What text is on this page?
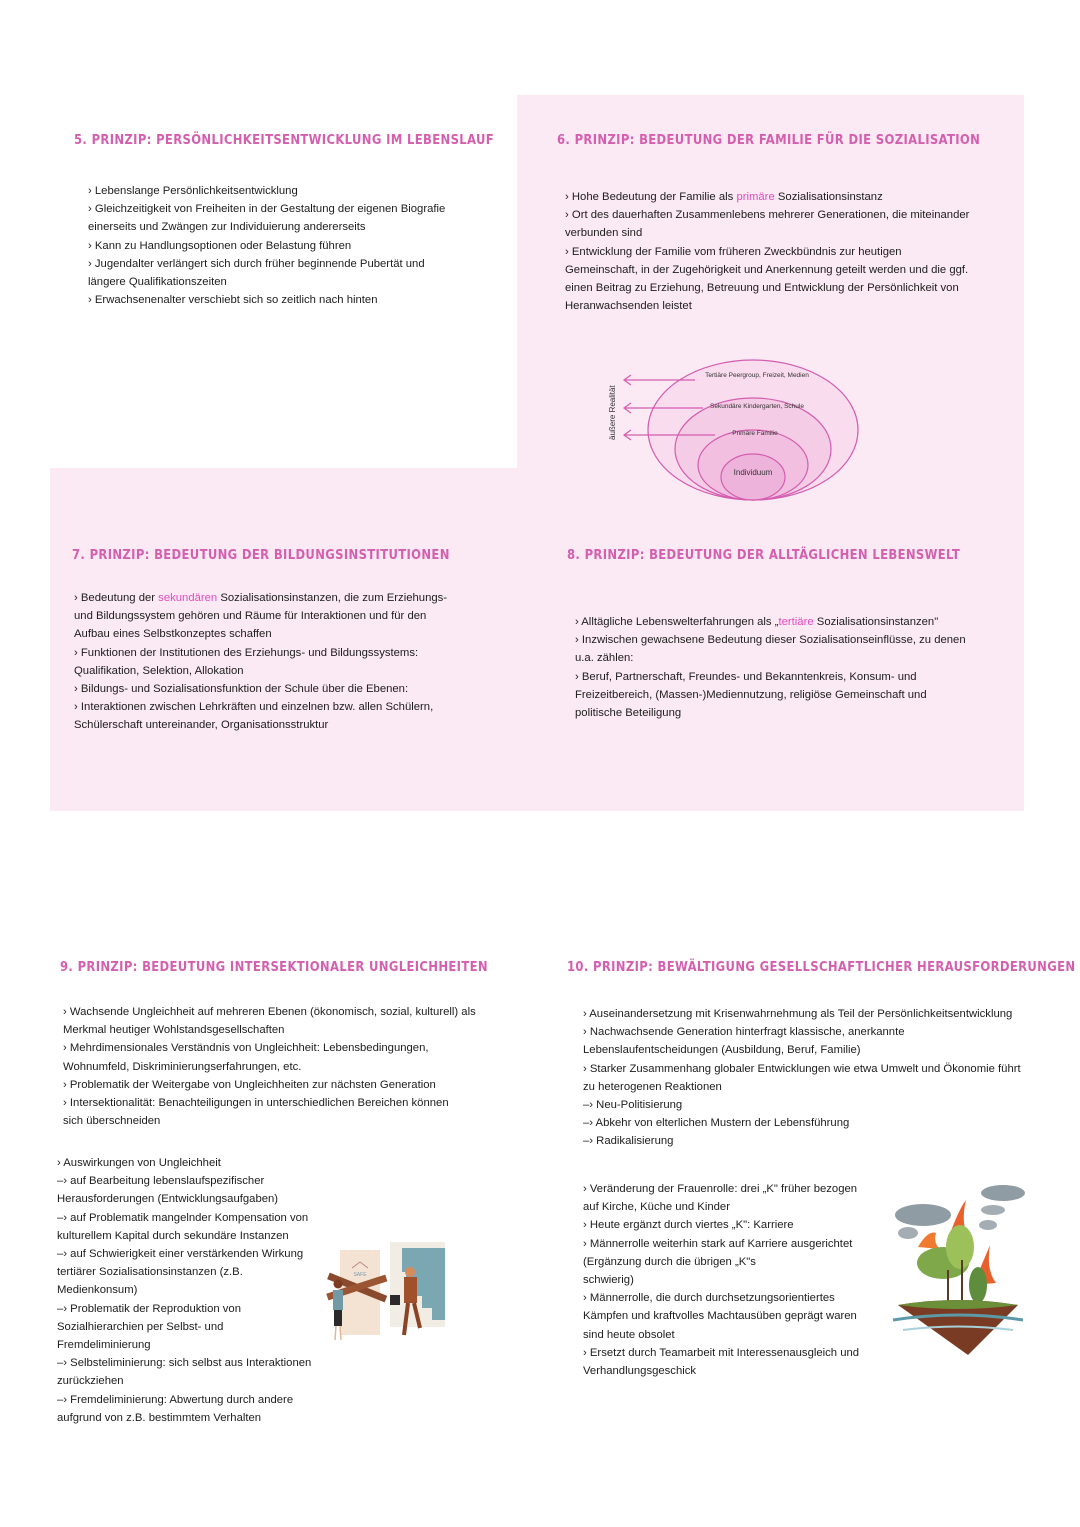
5. PRINZIP: PERSÖNLICHKEITSENTWICKLUNG IM LEBENSLAUF

› Lebenslange Persönlichkeitsentwicklung

› Gleichzeitigkeit von Freiheiten in der Gestaltung der eigenen Biografie

einerseits und Zwängen zur Individuierung andererseits

› Kann zu Handlungsoptionen oder Belastung führen

› Jugendalter verlängert sich durch früher beginnende Pubertät und

längere Qualifikationszeiten

› Erwachsenenalter verschiebt sich so zeitlich nach hinten

6. PRINZIP: BEDEUTUNG DER FAMILIE FÜR DIE SOZIALISATION

› Hohe Bedeutung der Familie als primäre Sozialisationsinstanz

› Ort des dauerhaften Zusammenlebens mehrerer Generationen, die miteinander

verbunden sind

› Entwicklung der Familie vom früheren Zweckbündnis zur heutigen

Gemeinschaft, in der Zugehörigkeit und Anerkennung geteilt werden und die ggf.

einen Beitrag zu Erziehung, Betreuung und Entwicklung der Persönlichkeit von

Heranwachsenden leistet

Tertiäre Peergroup, Freizeit, Medien
Sekundäre Kindergarten, Schule
Primäre Familie
Individuum
äußere Realität
7. PRINZIP: BEDEUTUNG DER BILDUNGSINSTITUTIONEN

› Bedeutung der sekundären Sozialisationsinstanzen, die zum Erziehungs-

und Bildungssystem gehören und Räume für Interaktionen und für den

Aufbau eines Selbstkonzeptes schaffen

› Funktionen der Institutionen des Erziehungs- und Bildungssystems:

Qualifikation, Selektion, Allokation

› Bildungs- und Sozialisationsfunktion der Schule über die Ebenen:

› Interaktionen zwischen Lehrkräften und einzelnen bzw. allen Schülern,

Schülerschaft untereinander, Organisationsstruktur

8. PRINZIP: BEDEUTUNG DER ALLTÄGLICHEN LEBENSWELT

› Alltägliche Lebenswelterfahrungen als „tertiäre Sozialisationsinstanzen"

› Inzwischen gewachsene Bedeutung dieser Sozialisationseinflüsse, zu denen

u.a. zählen:

› Beruf, Partnerschaft, Freundes- und Bekanntenkreis, Konsum- und

Freizeitbereich, (Massen-)Mediennutzung, religiöse Gemeinschaft und

politische Beteiligung

9. PRINZIP: BEDEUTUNG INTERSEKTIONALER UNGLEICHHEITEN

› Wachsende Ungleichheit auf mehreren Ebenen (ökonomisch, sozial, kulturell) als

Merkmal heutiger Wohlstandsgesellschaften

› Mehrdimensionales Verständnis von Ungleichheit: Lebensbedingungen,

Wohnumfeld, Diskriminierungserfahrungen, etc.

› Problematik der Weitergabe von Ungleichheiten zur nächsten Generation

› Intersektionalität: Benachteiligungen in unterschiedlichen Bereichen können

sich überschneiden

› Auswirkungen von Ungleichheit

–› auf Bearbeitung lebenslaufspezifischer

Herausforderungen (Entwicklungsaufgaben)

–› auf Problematik mangelnder Kompensation von

kulturellem Kapital durch sekundäre Instanzen

–› auf Schwierigkeit einer verstärkenden Wirkung

tertiärer Sozialisationsinstanzen (z.B.

Medienkonsum)

–› Problematik der Reproduktion von

Sozialhierarchien per Selbst- und

Fremdeliminierung

–› Selbsteliminierung: sich selbst aus Interaktionen

zurückziehen

–› Fremdeliminierung: Abwertung durch andere

aufgrund von z.B. bestimmtem Verhalten

SAFE
10. PRINZIP: BEWÄLTIGUNG GESELLSCHAFTLICHER HERAUSFORDERUNGEN

› Auseinandersetzung mit Krisenwahrnehmung als Teil der Persönlichkeitsentwicklung

› Nachwachsende Generation hinterfragt klassische, anerkannte

Lebenslaufentscheidungen (Ausbildung, Beruf, Familie)

› Starker Zusammenhang globaler Entwicklungen wie etwa Umwelt und Ökonomie führt

zu heterogenen Reaktionen

–› Neu-Politisierung

–› Abkehr von elterlichen Mustern der Lebensführung

–› Radikalisierung

› Veränderung der Frauenrolle: drei „K" früher bezogen

auf Kirche, Küche und Kinder

› Heute ergänzt durch viertes „K": Karriere

› Männerrolle weiterhin stark auf Karriere ausgerichtet

(Ergänzung durch die übrigen „K"s

schwierig)

› Männerrolle, die durch durchsetzungsorientiertes

Kämpfen und kraftvolles Machtausüben geprägt waren

sind heute obsolet

› Ersetzt durch Teamarbeit mit Interessenausgleich und

Verhandlungsgeschick
